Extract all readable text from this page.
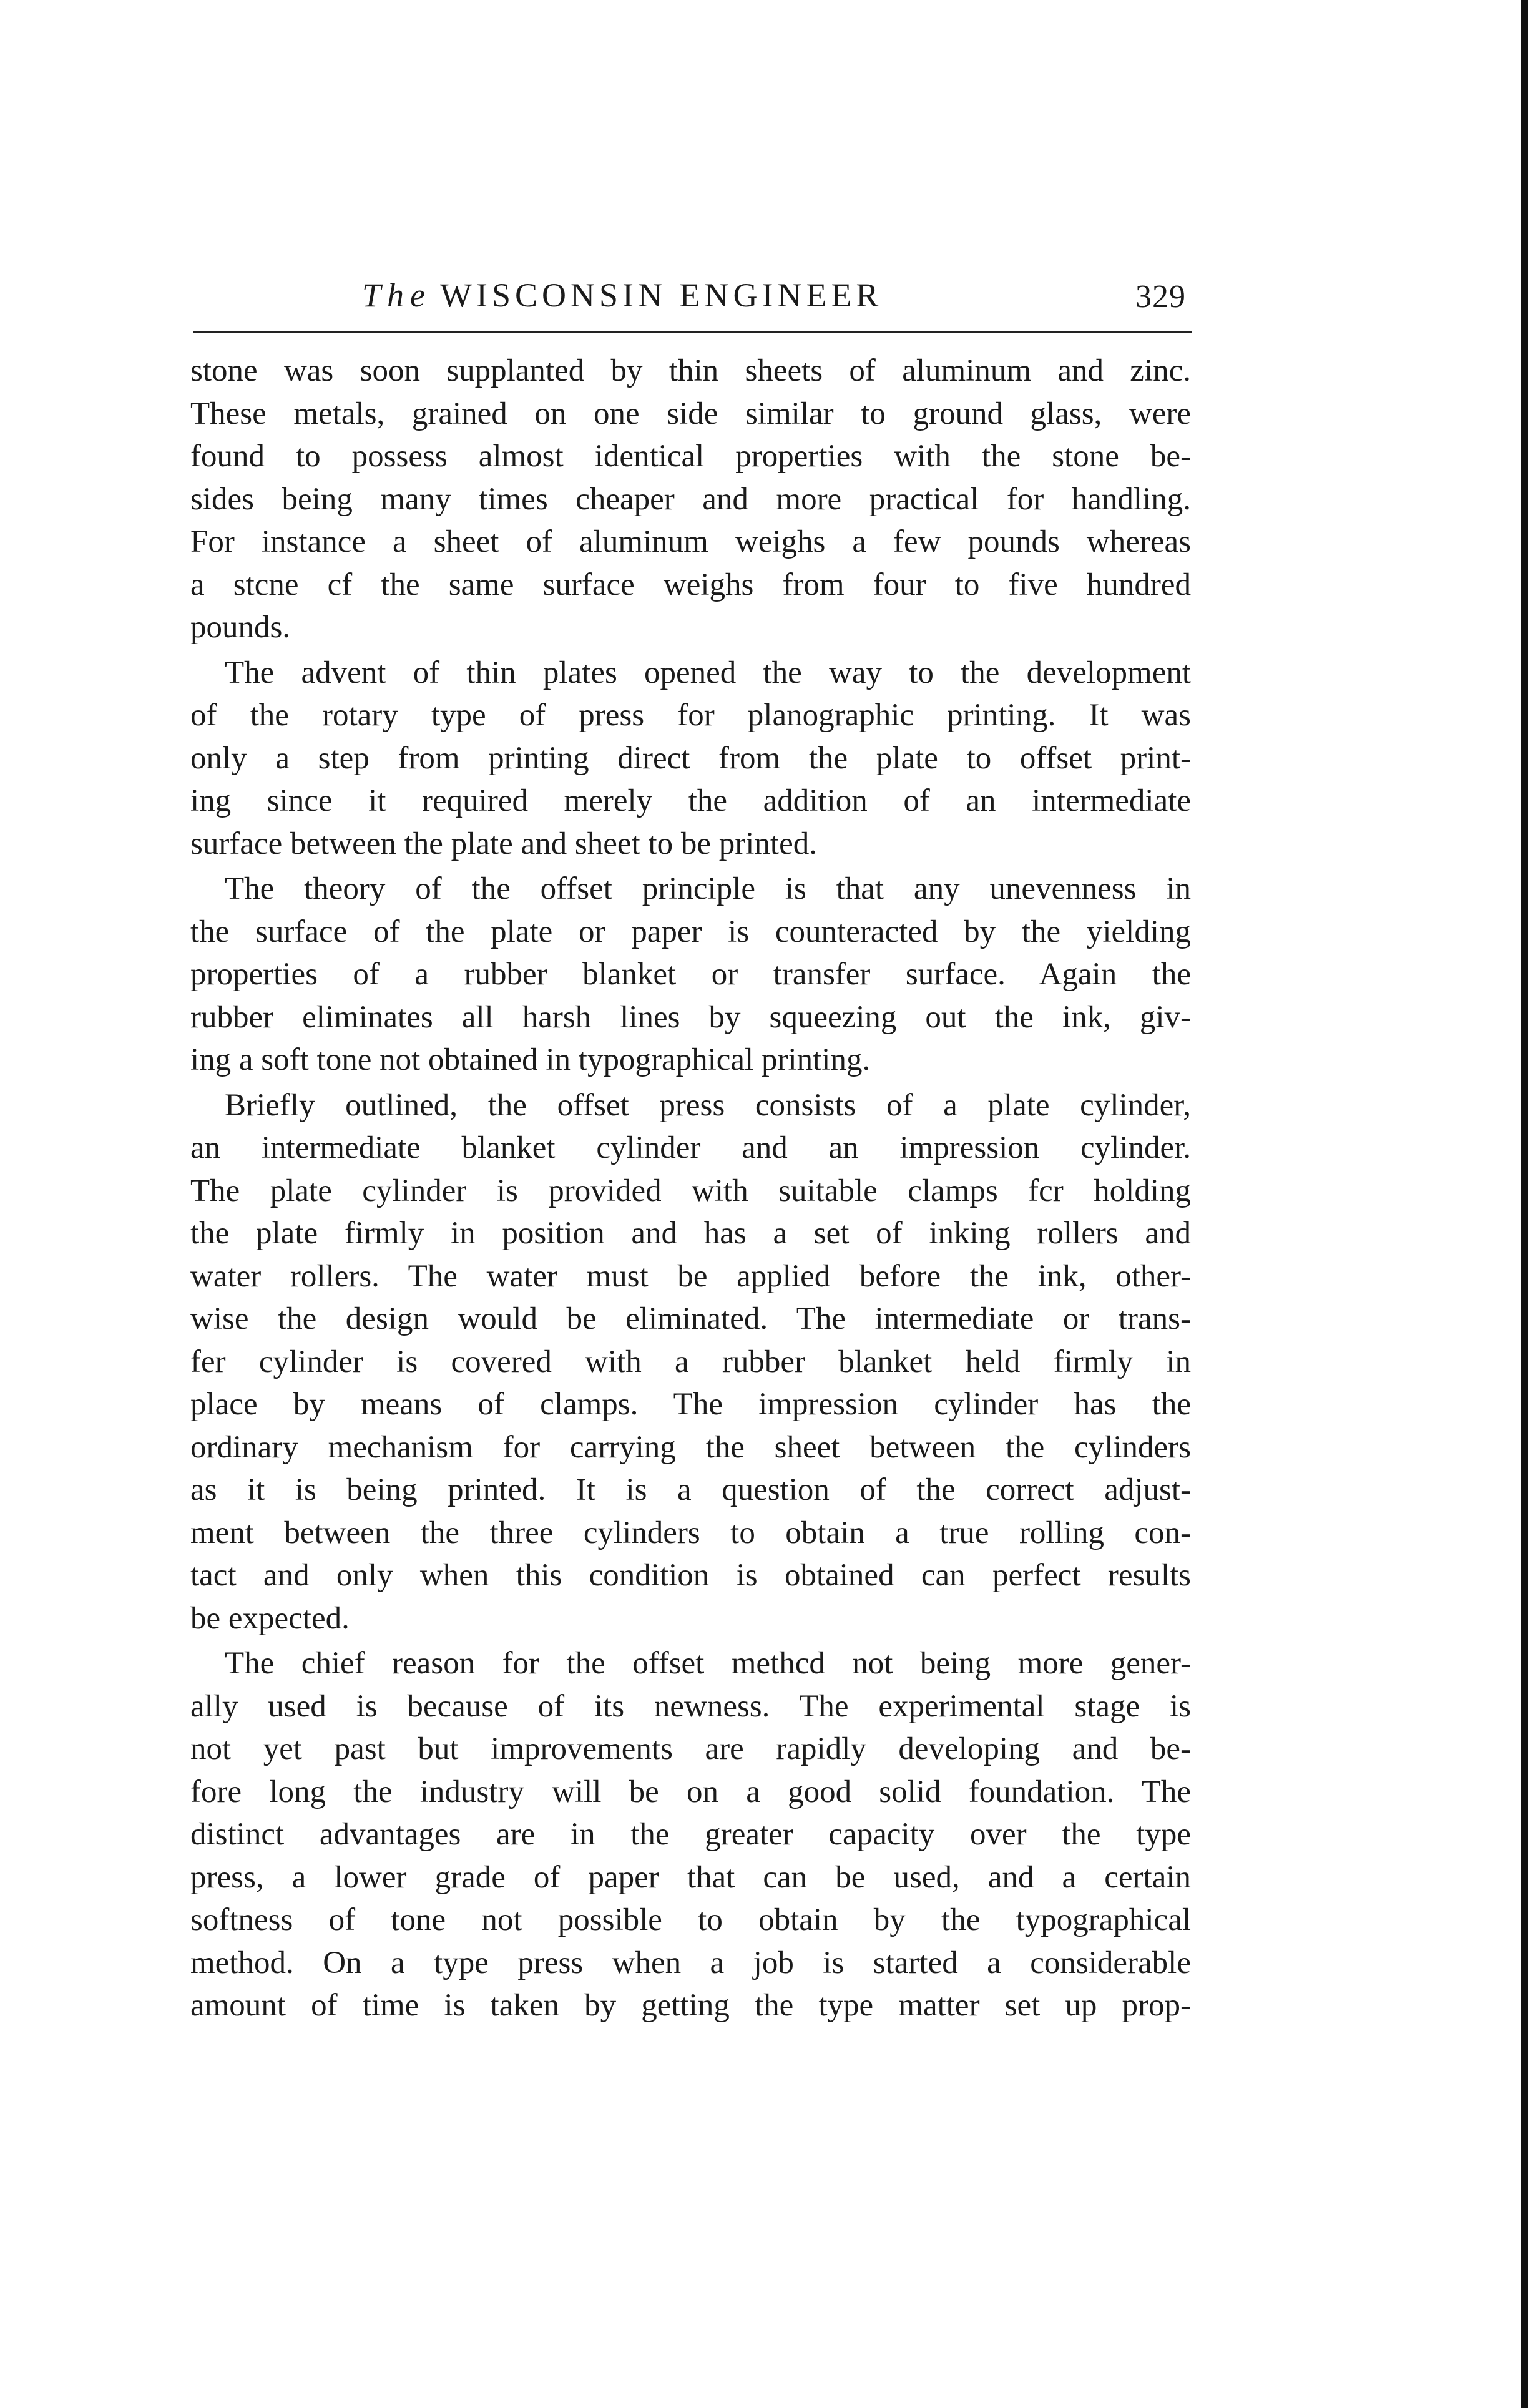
The WISCONSIN ENGINEER	329
stone was soon supplanted by thin sheets of aluminum and zinc.
These metals, grained on one side similar to ground glass, were
found to possess almost identical properties with the stone be-
sides being many times cheaper and more practical for handling.
For instance a sheet of aluminum weighs a few pounds whereas
a stcne cf the same surface weighs from four to five hundred
pounds.
The advent of thin plates opened the way to the development
of the rotary type of press for planographic printing. It was
only a step from printing direct from the plate to offset print-
ing since it required merely the addition of an intermediate
surface between the plate and sheet to be printed.
The theory of the offset principle is that any unevenness in
the surface of the plate or paper is counteracted by the yielding
properties of a rubber blanket or transfer surface. Again the
rubber eliminates all harsh lines by squeezing out the ink, giv-
ing a soft tone not obtained in typographical printing.
Briefly outlined, the offset press consists of a plate cylinder,
an intermediate blanket cylinder and an impression cylinder.
The plate cylinder is provided with suitable clamps fcr holding
the plate firmly in position and has a set of inking rollers and
water rollers. The water must be applied before the ink, other-
wise the design would be eliminated. The intermediate or trans-
fer cylinder is covered with a rubber blanket held firmly in
place by means of clamps. The impression cylinder has the
ordinary mechanism for carrying the sheet between the cylinders
as it is being printed. It is a question of the correct adjust-
ment between the three cylinders to obtain a true rolling con-
tact and only when this condition is obtained can perfect results
be expected.
The chief reason for the offset methcd not being more gener-
ally used is because of its newness. The experimental stage is
not yet past but improvements are rapidly developing and be-
fore long the industry will be on a good solid foundation. The
distinct advantages are in the greater capacity over the type
press, a lower grade of paper that can be used, and a certain
softness of tone not possible to obtain by the typographical
method. On a type press when a job is started a considerable
amount of time is taken by getting the type matter set up prop-
